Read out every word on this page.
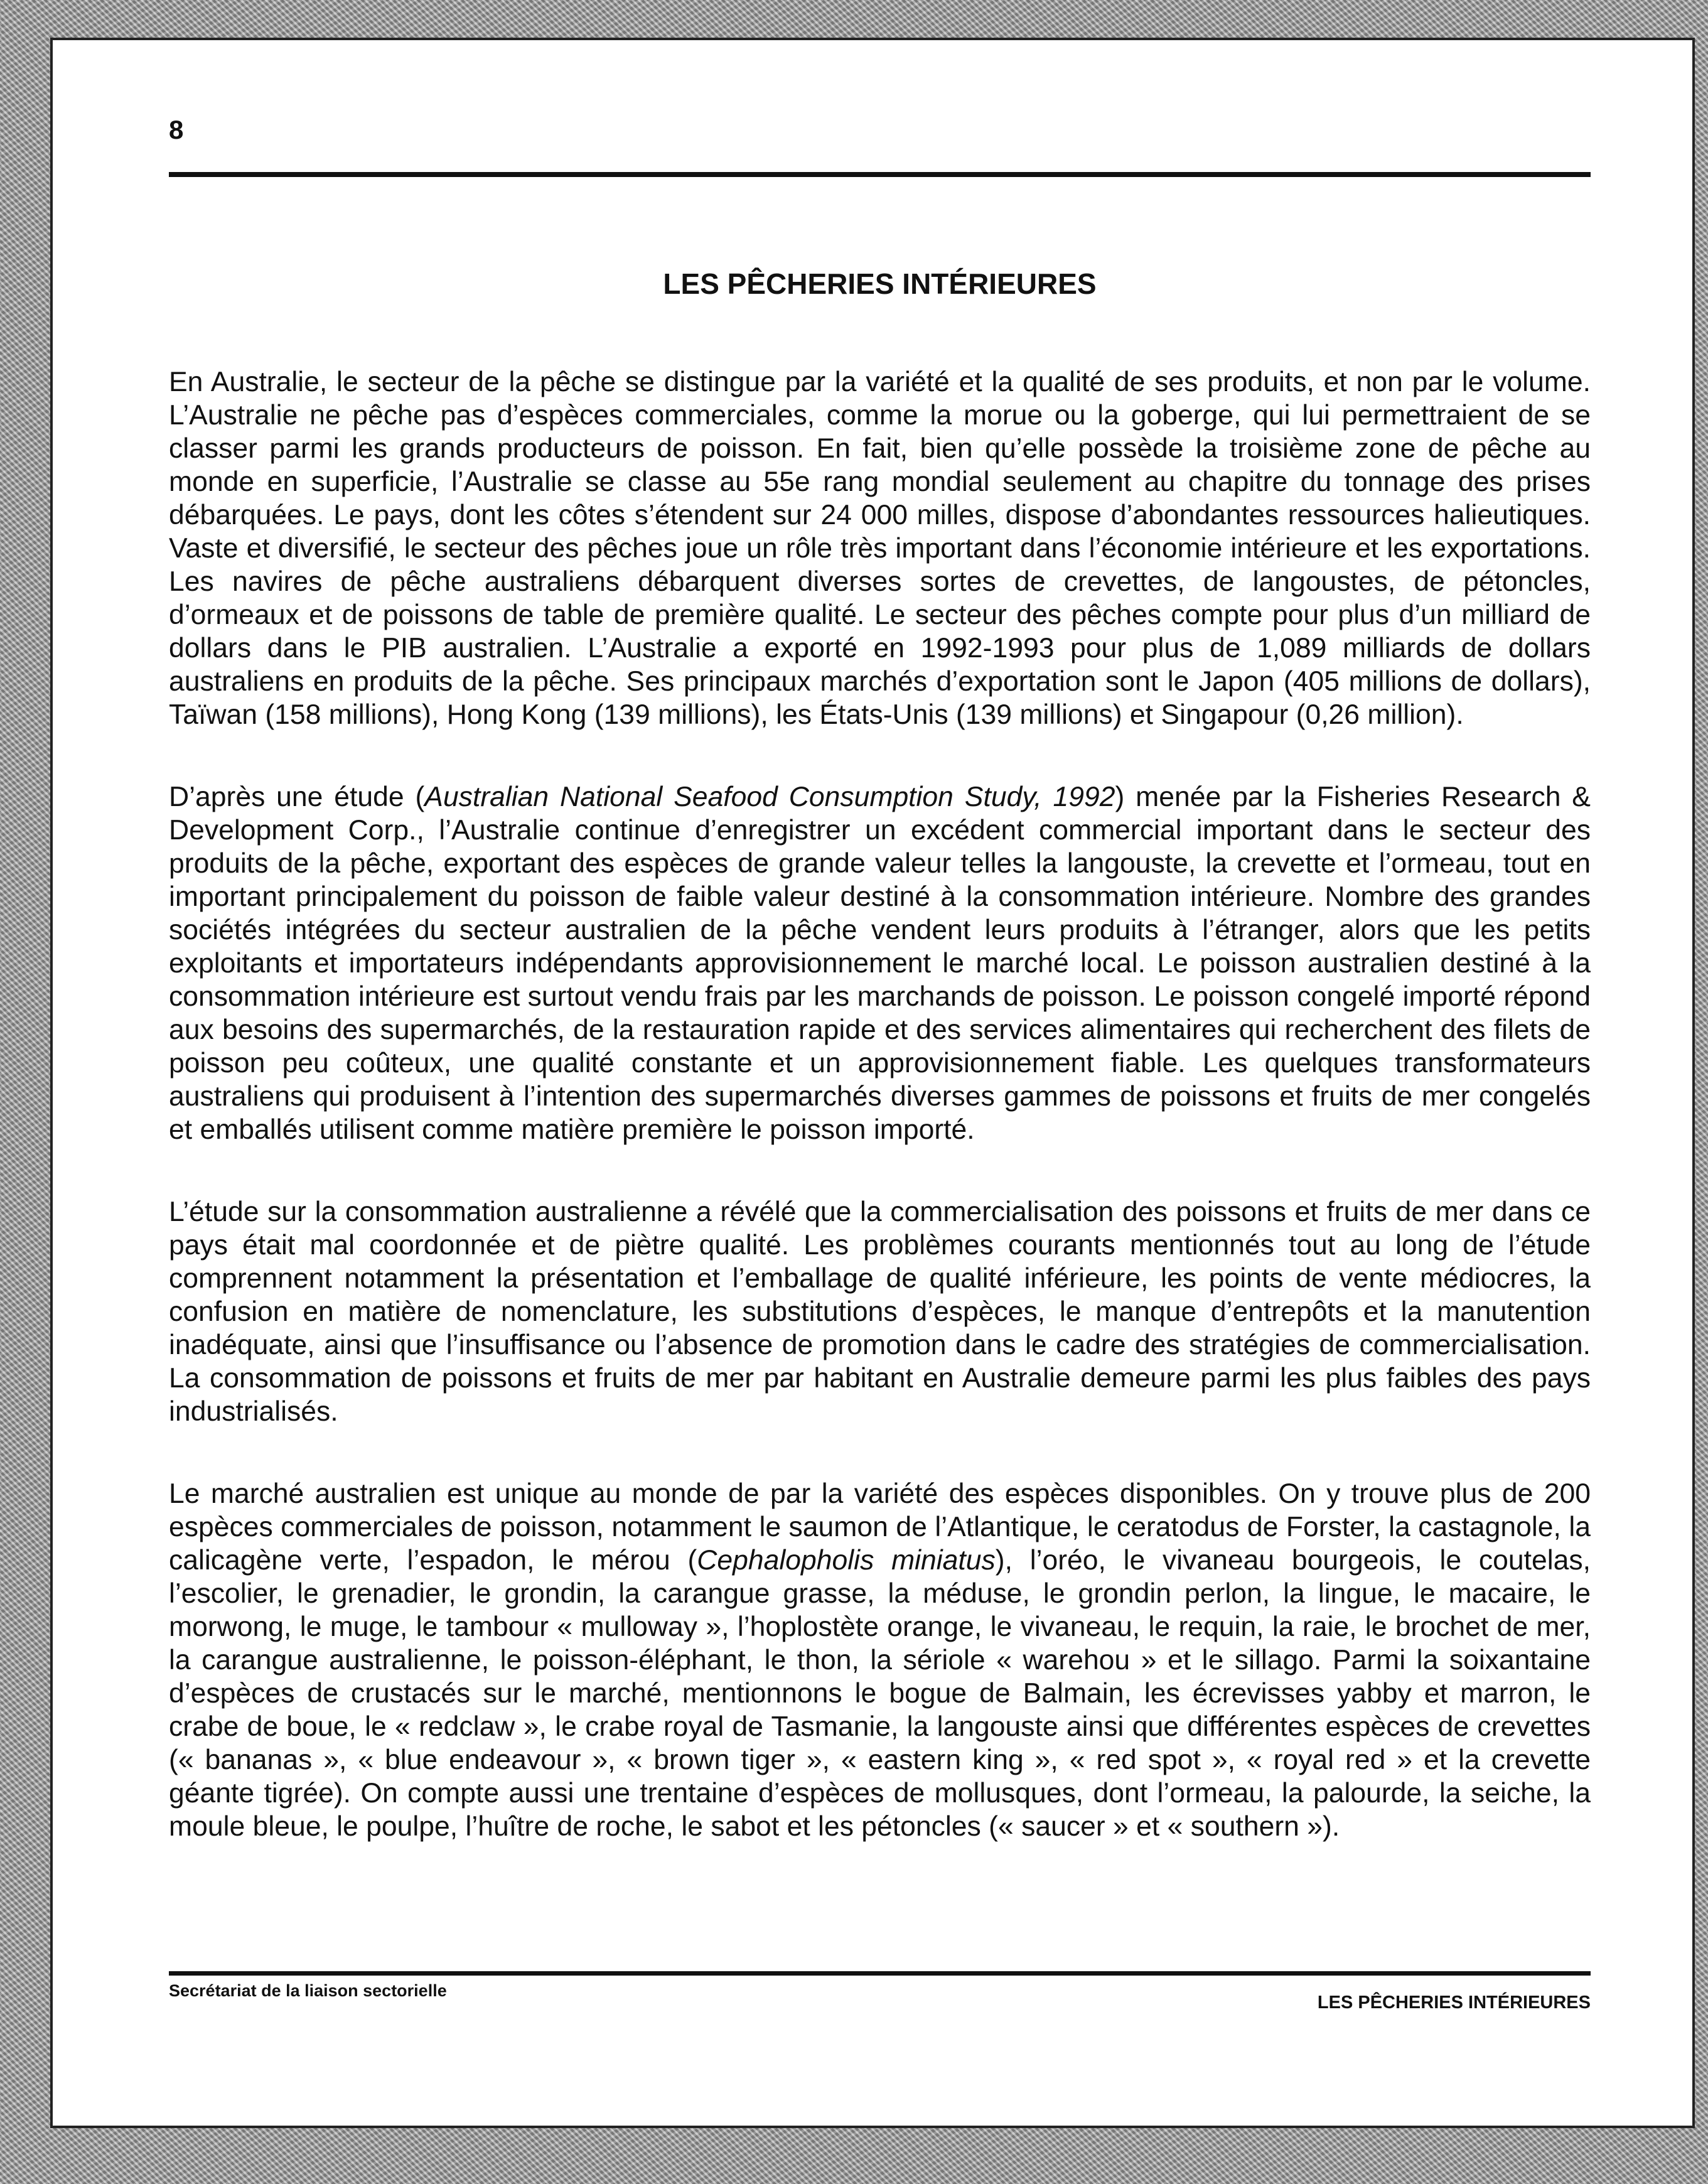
8
LES PÊCHERIES INTÉRIEURES

En Australie, le secteur de la pêche se distingue par la variété et la qualité de ses produits, et non par le volume. L’Australie ne pêche pas d’espèces commerciales, comme la morue ou la goberge, qui lui permettraient de se classer parmi les grands producteurs de poisson. En fait, bien qu’elle possède la troisième zone de pêche au monde en superficie, l’Australie se classe au 55e rang mondial seulement au chapitre du tonnage des prises débarquées. Le pays, dont les côtes s’étendent sur 24 000 milles, dispose d’abondantes ressources halieutiques. Vaste et diversifié, le secteur des pêches joue un rôle très important dans l’économie intérieure et les exportations. Les navires de pêche australiens débarquent diverses sortes de crevettes, de langoustes, de pétoncles, d’ormeaux et de poissons de table de première qualité. Le secteur des pêches compte pour plus d’un milliard de dollars dans le PIB australien. L’Australie a exporté en 1992-1993 pour plus de 1,089 milliards de dollars australiens en produits de la pêche. Ses principaux marchés d’exportation sont le Japon (405 millions de dollars), Taïwan (158 millions), Hong Kong (139 millions), les États-Unis (139 millions) et Singapour (0,26 million).

D’après une étude (Australian National Seafood Consumption Study, 1992) menée par la Fisheries Research & Development Corp., l’Australie continue d’enregistrer un excédent commercial important dans le secteur des produits de la pêche, exportant des espèces de grande valeur telles la langouste, la crevette et l’ormeau, tout en important principalement du poisson de faible valeur destiné à la consommation intérieure. Nombre des grandes sociétés intégrées du secteur australien de la pêche vendent leurs produits à l’étranger, alors que les petits exploitants et importateurs indépendants approvisionnement le marché local. Le poisson australien destiné à la consommation intérieure est surtout vendu frais par les marchands de poisson. Le poisson congelé importé répond aux besoins des supermarchés, de la restauration rapide et des services alimentaires qui recherchent des filets de poisson peu coûteux, une qualité constante et un approvisionnement fiable. Les quelques transformateurs australiens qui produisent à l’intention des supermarchés diverses gammes de poissons et fruits de mer congelés et emballés utilisent comme matière première le poisson importé.

L’étude sur la consommation australienne a révélé que la commercialisation des poissons et fruits de mer dans ce pays était mal coordonnée et de piètre qualité. Les problèmes courants mentionnés tout au long de l’étude comprennent notamment la présentation et l’emballage de qualité inférieure, les points de vente médiocres, la confusion en matière de nomenclature, les substitutions d’espèces, le manque d’entrepôts et la manutention inadéquate, ainsi que l’insuffisance ou l’absence de promotion dans le cadre des stratégies de commercialisation. La consommation de poissons et fruits de mer par habitant en Australie demeure parmi les plus faibles des pays industrialisés.

Le marché australien est unique au monde de par la variété des espèces disponibles. On y trouve plus de 200 espèces commerciales de poisson, notamment le saumon de l’Atlantique, le ceratodus de Forster, la castagnole, la calicagène verte, l’espadon, le mérou (Cephalopholis miniatus), l’oréo, le vivaneau bourgeois, le coutelas, l’escolier, le grenadier, le grondin, la carangue grasse, la méduse, le grondin perlon, la lingue, le macaire, le morwong, le muge, le tambour « mulloway », l’hoplostète orange, le vivaneau, le requin, la raie, le brochet de mer, la carangue australienne, le poisson-éléphant, le thon, la sériole « warehou » et le sillago. Parmi la soixantaine d’espèces de crustacés sur le marché, mentionnons le bogue de Balmain, les écrevisses yabby et marron, le crabe de boue, le « redclaw », le crabe royal de Tasmanie, la langouste ainsi que différentes espèces de crevettes (« bananas », « blue endeavour », « brown tiger », « eastern king », « red spot », « royal red » et la crevette géante tigrée). On compte aussi une trentaine d’espèces de mollusques, dont l’ormeau, la palourde, la seiche, la moule bleue, le poulpe, l’huître de roche, le sabot et les pétoncles (« saucer » et « southern »).

Secrétariat de la liaison sectorielle
LES PÊCHERIES INTÉRIEURES
